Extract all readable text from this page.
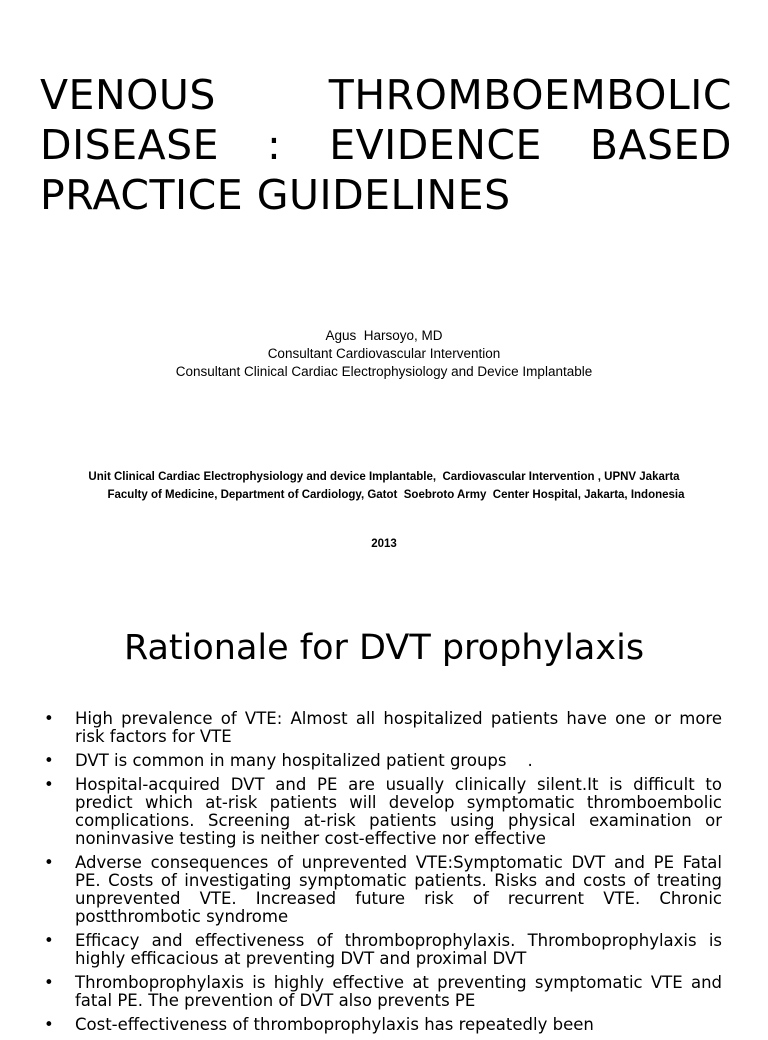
VENOUS	THROMBOEMBOLIC
DISEASE : EVIDENCE BASED
PRACTICE GUIDELINES
Agus  Harsoyo, MD
Consultant Cardiovascular Intervention
Consultant Clinical Cardiac Electrophysiology and Device Implantable
Unit Clinical Cardiac Electrophysiology and device Implantable,  Cardiovascular Intervention , UPNV Jakarta
Faculty of Medicine, Department of Cardiology, Gatot  Soebroto Army  Center Hospital, Jakarta, Indonesia
2013
Rationale for DVT prophylaxis
• High prevalence of VTE: Almost all hospitalized patients have one or more risk factors for VTE
• DVT is common in many hospitalized patient groups    .
• Hospital-acquired DVT and PE are usually clinically silent.It is difficult to predict which at-risk patients will develop symptomatic thromboembolic complications. Screening at-risk patients using physical examination or noninvasive testing is neither cost-effective nor effective
• Adverse consequences of unprevented VTE:Symptomatic DVT and PE Fatal PE. Costs of investigating symptomatic patients. Risks and costs of treating unprevented VTE. Increased future risk of recurrent VTE. Chronic postthrombotic syndrome
• Efficacy and effectiveness of thromboprophylaxis. Thromboprophylaxis is highly efficacious at preventing DVT and proximal DVT
• Thromboprophylaxis is highly effective at preventing symptomatic VTE and fatal PE. The prevention of DVT also prevents PE
• Cost-effectiveness of thromboprophylaxis has repeatedly been
